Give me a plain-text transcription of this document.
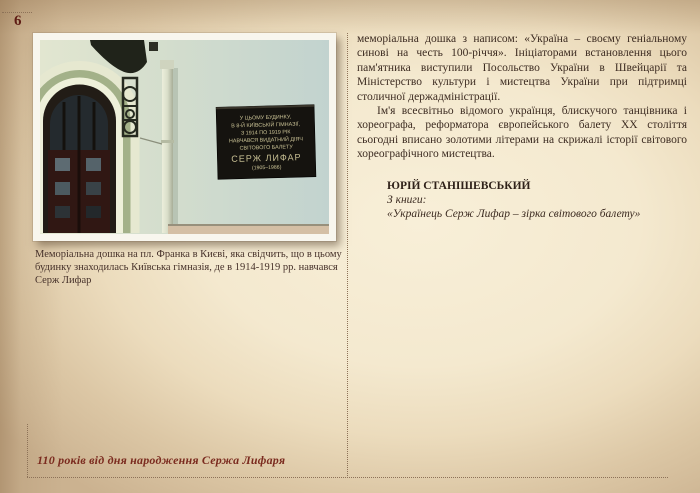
6
У ЦЬОМУ БУДИНКУ,
В 8-Й КИЇВСЬКІЙ ГІМНАЗІЇ,
З 1914 ПО 1919 РІК
НАВЧАВСЯ ВИДАТНИЙ ДІЯЧ
СВІТОВОГО БАЛЕТУ
СЕРЖ ЛИФАР
(1905–1986)
Меморіальна дошка на пл. Франка в Києві, яка свідчить, що в цьому будинку знаходилась Київська гімназія, де в 1914-1919 рр. навчався Серж Лифар

меморіальна дошка з написом: «Україна – своєму геніальному синові на честь 100-річчя». Ініціаторами встановлення цього пам'ятника виступили Посольство України в Швейцарії та Міністерство культури і мистецтва України при підтримці столичної держадміністрації.

Ім'я всесвітньо відомого українця, блискучого танцівника і хореографа, реформатора європейського балету ХХ століття сьогодні вписано золотими літерами на скрижалі історії світового хореографічного мистецтва.

ЮРІЙ СТАНІШЕВСЬКИЙ
З книги:
«Українець Серж Лифар – зірка світового балету»
110 років від дня народження Сержа Лифаря
